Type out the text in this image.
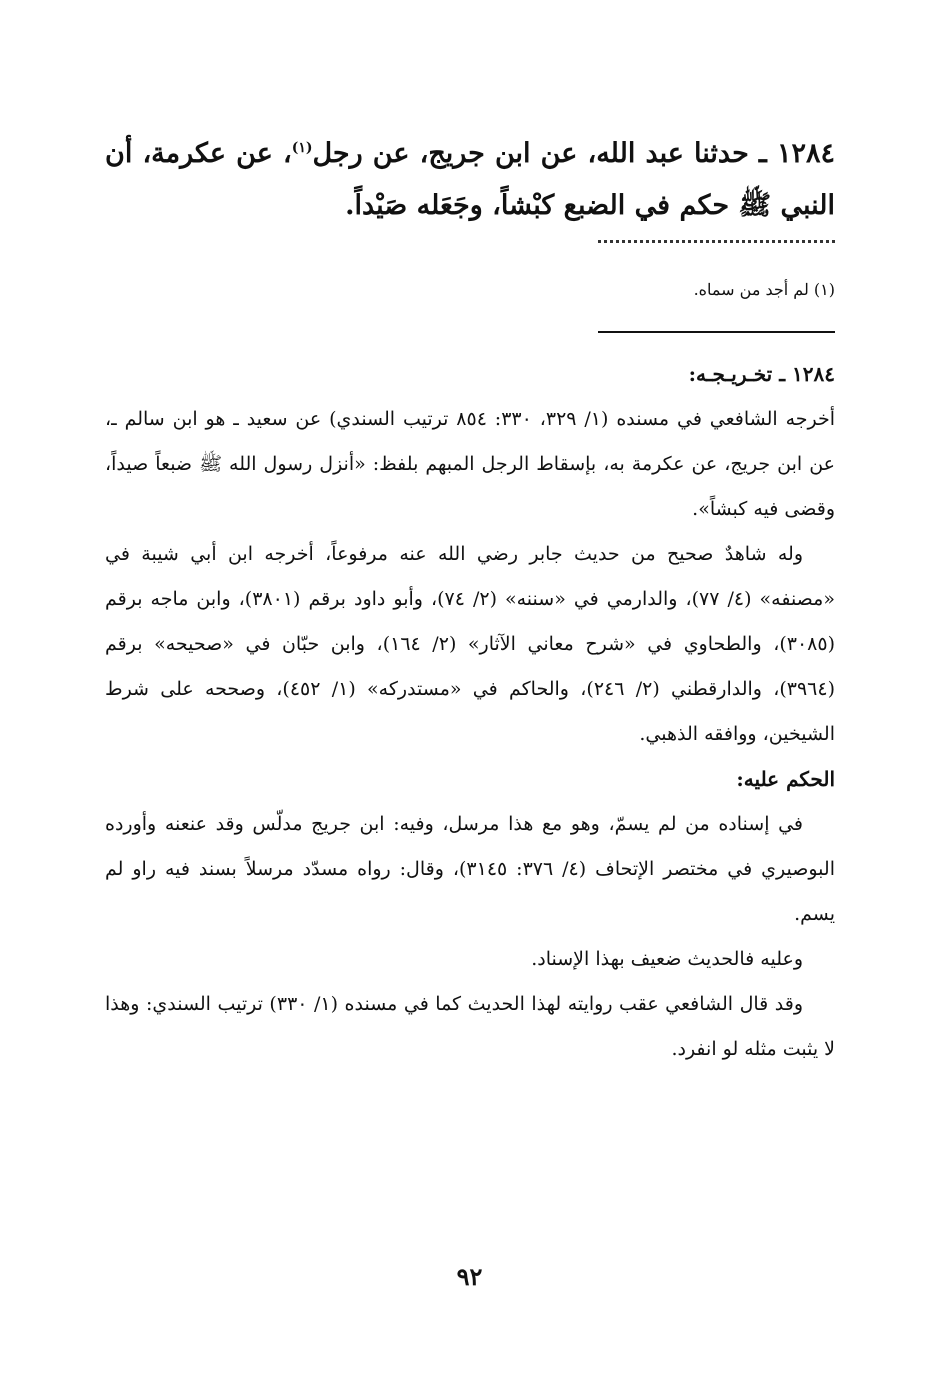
١٢٨٤ ـ حدثنا عبد الله، عن ابن جريج، عن رجل$^{(١)}$، عن عكرمة، أن النبي ﷺ حكم في الضبع كبْشاً، وجَعَله صَيْداً.
(١) لم أجد من سماه.

١٢٨٤ ـ تخـريـجـه:

أخرجه الشافعي في مسنده (١/ ٣٢٩، ٣٣٠: ٨٥٤ ترتيب السندي) عن سعيد ـ هو ابن سالم ـ، عن ابن جريج، عن عكرمة به، بإسقاط الرجل المبهم بلفظ: «أنزل رسول الله ﷺ ضبعاً صيداً، وقضى فيه كبشاً».

وله شاهدٌ صحيح من حديث جابر رضي الله عنه مرفوعاً، أخرجه ابن أبي شيبة في «مصنفه» (٤/ ٧٧)، والدارمي في «سننه» (٢/ ٧٤)، وأبو داود برقم (٣٨٠١)، وابن ماجه برقم (٣٠٨٥)، والطحاوي في «شرح معاني الآثار» (٢/ ١٦٤)، وابن حبّان في «صحيحه» برقم (٣٩٦٤)، والدارقطني (٢/ ٢٤٦)، والحاكم في «مستدركه» (١/ ٤٥٢)، وصححه على شرط الشيخين، ووافقه الذهبي.

الحكم عليه:

في إسناده من لم يسمّ، وهو مع هذا مرسل، وفيه: ابن جريج مدلّس وقد عنعنه وأورده البوصيري في مختصر الإتحاف (٤/ ٣٧٦: ٣١٤٥)، وقال: رواه مسدّد مرسلاً بسند فيه راو لم يسم.

وعليه فالحديث ضعيف بهذا الإسناد.

وقد قال الشافعي عقب روايته لهذا الحديث كما في مسنده (١/ ٣٣٠) ترتيب السندي: وهذا لا يثبت مثله لو انفرد.

٩٢
